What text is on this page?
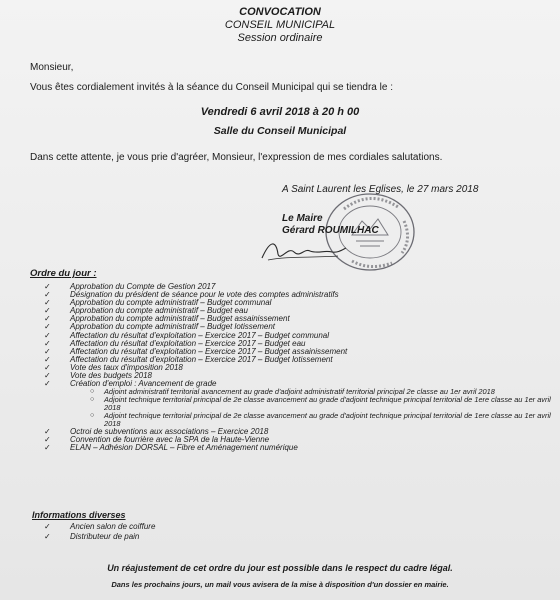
CONVOCATION
CONSEIL MUNICIPAL
Session ordinaire
Monsieur,
Vous êtes cordialement invités à la séance du Conseil Municipal qui se tiendra le :
Vendredi 6 avril 2018 à 20 h 00
Salle du Conseil Municipal
Dans cette attente, je vous prie d'agréer, Monsieur, l'expression de mes cordiales salutations.
A Saint Laurent les Eglises, le 27 mars 2018
Le Maire
Gérard ROUMILHAC
Ordre du jour :
✓ Approbation du Compte de Gestion 2017
✓ Désignation du président de séance pour le vote des comptes administratifs
✓ Approbation du compte administratif – Budget communal
✓ Approbation du compte administratif – Budget eau
✓ Approbation du compte administratif – Budget assainissement
✓ Approbation du compte administratif – Budget lotissement
✓ Affectation du résultat d'exploitation – Exercice 2017 – Budget communal
✓ Affectation du résultat d'exploitation – Exercice 2017 – Budget eau
✓ Affectation du résultat d'exploitation – Exercice 2017 – Budget assainissement
✓ Affectation du résultat d'exploitation – Exercice 2017 – Budget lotissement
✓ Vote des taux d'imposition 2018
✓ Vote des budgets 2018
✓ Création d'emploi : Avancement de grade
○ Adjoint administratif territorial avancement au grade d'adjoint administratif territorial principal 2e classe au 1er avril 2018
○ Adjoint technique territorial principal de 2e classe avancement au grade d'adjoint technique principal territorial de 1ere classe au 1er avril 2018
○ Adjoint technique territorial principal de 2e classe avancement au grade d'adjoint technique principal territorial de 1ere classe au 1er avril 2018
✓ Octroi de subventions aux associations – Exercice 2018
✓ Convention de fourrière avec la SPA de la Haute-Vienne
✓ ELAN – Adhésion DORSAL – Fibre et Aménagement numérique
Informations diverses
✓ Ancien salon de coiffure
✓ Distributeur de pain
Un réajustement de cet ordre du jour est possible dans le respect du cadre légal.
Dans les prochains jours, un mail vous avisera de la mise à disposition d'un dossier en mairie.
